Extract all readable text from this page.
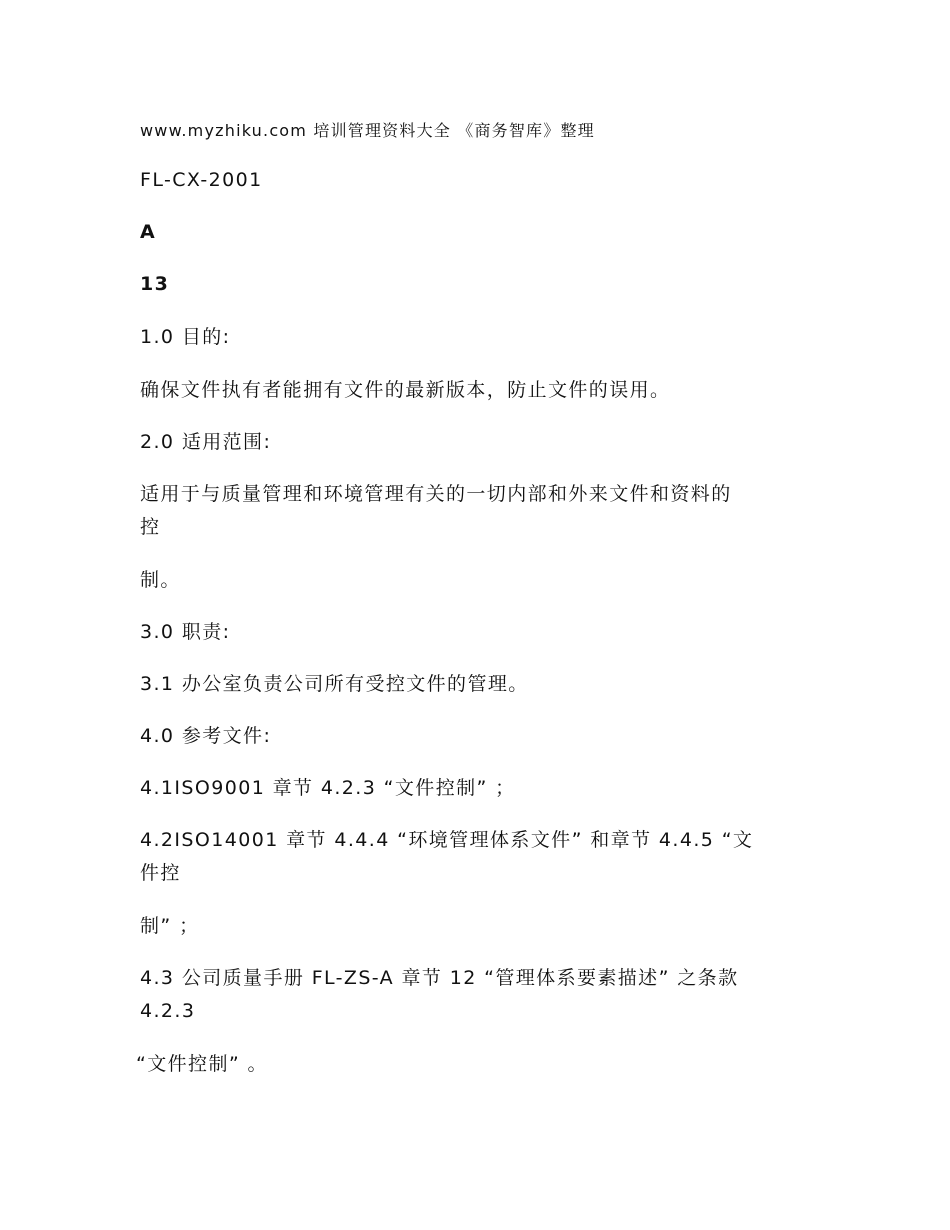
www.myzhiku.com 培训管理资料大全 《商务智库》整理
FL-CX-2001
A
13
1.0 目的:
确保文件执有者能拥有文件的最新版本，防止文件的误用。
2.0 适用范围:
适用于与质量管理和环境管理有关的一切内部和外来文件和资料的
控
制。
3.0 职责:
3.1 办公室负责公司所有受控文件的管理。
4.0 参考文件:
4.1ISO9001 章节 4.2.3 “文件控制” ；
4.2ISO14001 章节 4.4.4 “环境管理体系文件” 和章节 4.4.5 “文
件控
制” ；
4.3 公司质量手册 FL-ZS-A 章节 12 “管理体系要素描述” 之条款
4.2.3
“文件控制” 。
